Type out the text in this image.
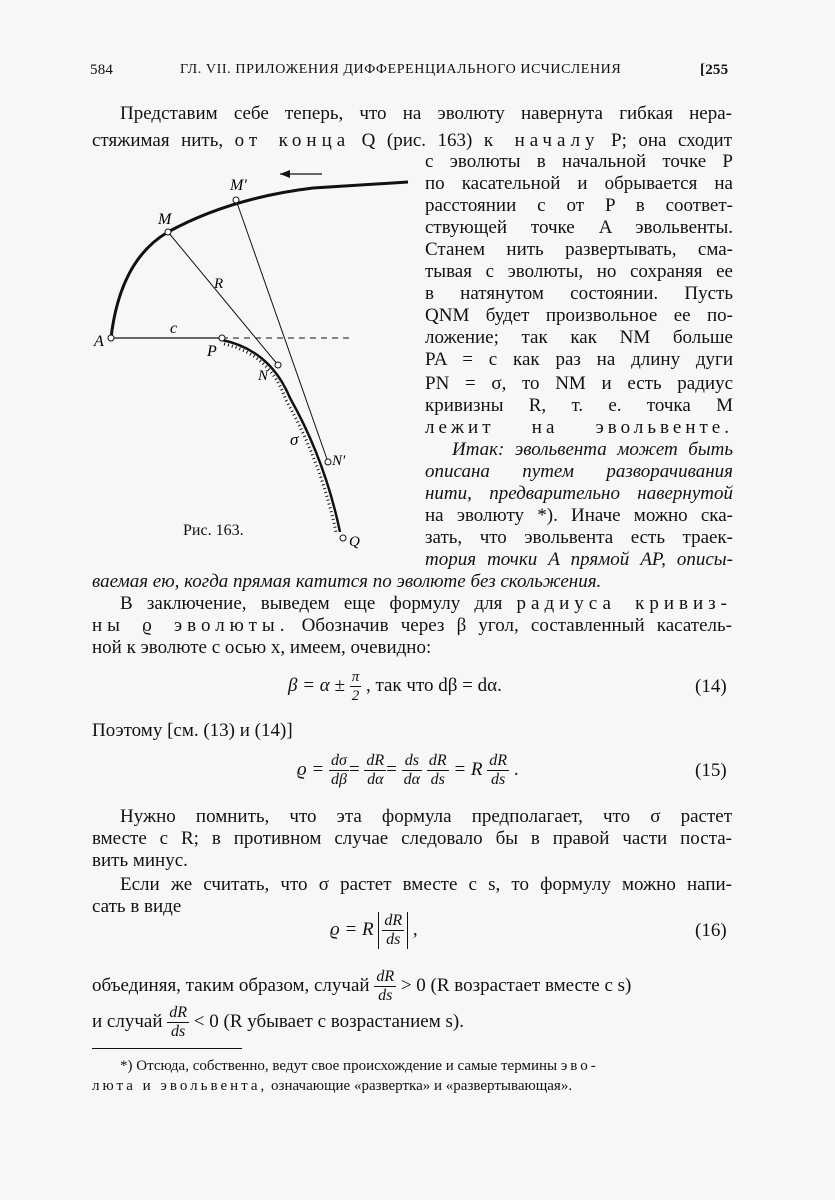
584	ГЛ. VII. ПРИЛОЖЕНИЯ ДИФФЕРЕНЦИАЛЬНОГО ИСЧИСЛЕНИЯ	[255
Представим себе теперь, что на эволюту навернута гибкая нера-
стяжимая нить, от конца Q (рис. 163) к началу P; она сходит
с эволюты в начальной точке P
по касательной и обрывается на
расстоянии c от P в соответ-
ствующей точке A эвольвенты.
Станем нить развертывать, сма-
тывая с эволюты, но сохраняя ее
в натянутом состоянии. Пусть
QNM будет произвольное ее по-
ложение; так как NM больше
PA = c как раз на длину дуги
PN = σ, то NM и есть радиус
кривизны R, т. е. точка M
лежит на эвольвенте.
Итак: эвольвента может быть
описана путем разворачивания
нити, предварительно навернутой
на эволюту *). Иначе можно ска-
зать, что эвольвента есть траек-
тория точки A прямой AP, описы-
ваемая ею, когда прямая катится по эволюте без скольжения.
A
M
M′
R
c
P
N
N′
σ
Q
Рис. 163.
В заключение, выведем еще формулу для радиуса кривиз-
ны ϱ эволюты. Обозначив через β угол, составленный касатель-
ной к эволюте с осью x, имеем, очевидно:
$\beta = \alpha \pm \frac{\pi}{2}$ , так что dβ = dα.	(14)
Поэтому [см. (13) и (14)]
$ϱ = \frac{d\sigma}{d\beta} = \frac{dR}{d\alpha} = \frac{ds}{d\alpha}$
$\frac{dR}{ds} = R \frac{dR}{ds}$ .	(15)
Нужно помнить, что эта формула предполагает, что σ растет
вместе с R; в противном случае следовало бы в правой части поста-
вить минус.
Если же считать, что σ растет вместе с s, то формулу можно напи-
сать в виде
ϱ = R $\frac{dR}{ds}$ ,	(16)
объединяя, таким образом, случай $\frac{dR}{ds} > 0$ (R возрастает вместе с s)
и случай $\frac{dR}{ds} < 0$ (R убывает с возрастанием s).
*) Отсюда, собственно, ведут свое происхождение и самые термины эво-
люта и эвольвента, означающие «развертка» и «развертывающая».
